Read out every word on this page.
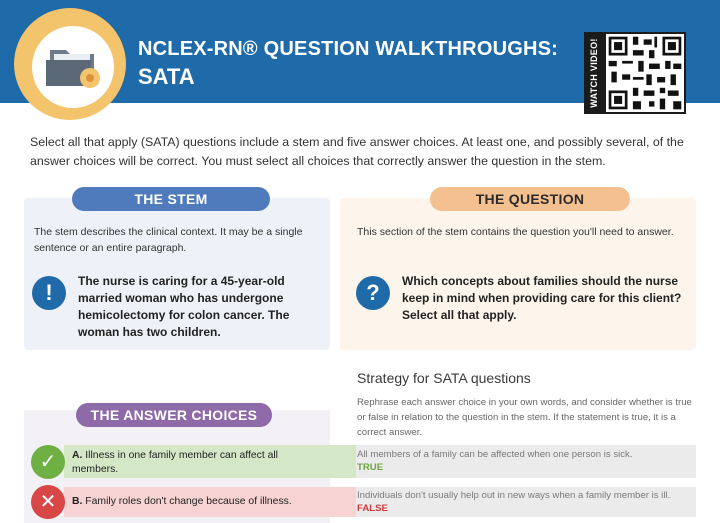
NCLEX-RN® QUESTION WALKTHROUGHS:
SATA	WATCH VIDEO!

Select all that apply (SATA) questions include a stem and five answer choices. At least one, and possibly several, of the answer choices will be correct. You must select all choices that correctly answer the question in the stem.

THE STEM

The stem describes the clinical context. It may be a single sentence or an entire paragraph.

!	The nurse is caring for a 45-year-old married woman who has undergone hemicolectomy for colon cancer. The woman has two children.

THE QUESTION

This section of the stem contains the question you'll need to answer.

?	Which concepts about families should the nurse keep in mind when providing care for this client? Select all that apply.

Strategy for SATA questions

Rephrase each answer choice in your own words, and consider whether is true or false in relation to the question in the stem. If the statement is true, it is a correct answer.

THE ANSWER CHOICES
✓	A. Illness in one family member can affect all members.

All members of a family can be affected when one person is sick.
TRUE

✕	B. Family roles don't change because of illness.

Individuals don't usually help out in new ways when a family member is ill. FALSE
